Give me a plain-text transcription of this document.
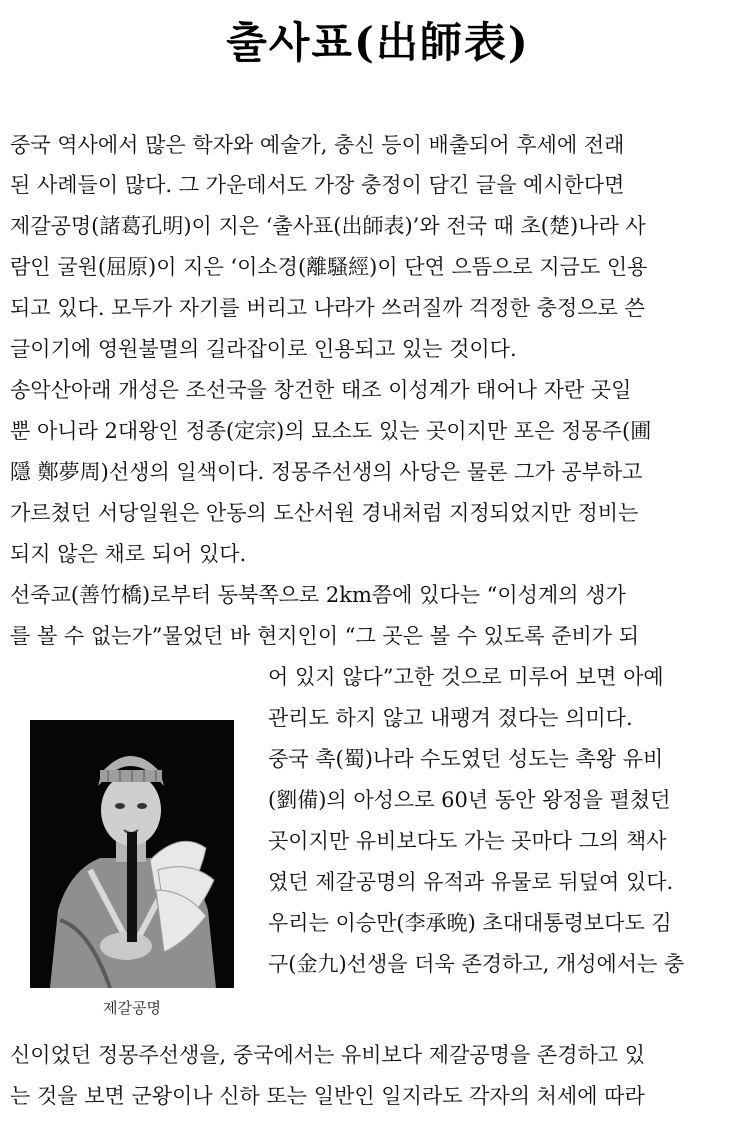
출사표(出師表)
중국 역사에서 많은 학자와 예술가, 충신 등이 배출되어 후세에 전래
된 사례들이 많다. 그 가운데서도 가장 충정이 담긴 글을 예시한다면
제갈공명(諸葛孔明)이 지은 ‘출사표(出師表)’와 전국 때 초(楚)나라 사
람인 굴원(屈原)이 지은 ‘이소경(離騷經)이 단연 으뜸으로 지금도 인용
되고 있다. 모두가 자기를 버리고 나라가 쓰러질까 걱정한 충정으로 쓴
글이기에 영원불멸의 길라잡이로 인용되고 있는 것이다.
송악산아래 개성은 조선국을 창건한 태조 이성계가 태어나 자란 곳일
뿐 아니라 2대왕인 정종(定宗)의 묘소도 있는 곳이지만 포은 정몽주(圃
隱 鄭夢周)선생의 일색이다. 정몽주선생의 사당은 물론 그가 공부하고
가르쳤던 서당일원은 안동의 도산서원 경내처럼 지정되었지만 정비는
되지 않은 채로 되어 있다.
선죽교(善竹橋)로부터 동북쪽으로 2km쯤에 있다는 “이성계의 생가
를 볼 수 없는가”물었던 바 현지인이 “그 곳은 볼 수 있도록 준비가 되
어 있지 않다”고한 것으로 미루어 보면 아예
관리도 하지 않고 내팽겨 졌다는 의미다.
중국 촉(蜀)나라 수도였던 성도는 촉왕 유비
(劉備)의 아성으로 60년 동안 왕정을 펼쳤던
곳이지만 유비보다도 가는 곳마다 그의 책사
였던 제갈공명의 유적과 유물로 뒤덮여 있다.
우리는 이승만(李承晩) 초대대통령보다도 김
구(金九)선생을 더욱 존경하고, 개성에서는 충
신이었던 정몽주선생을, 중국에서는 유비보다 제갈공명을 존경하고 있
는 것을 보면 군왕이나 신하 또는 일반인 일지라도 각자의 처세에 따라
제갈공명
